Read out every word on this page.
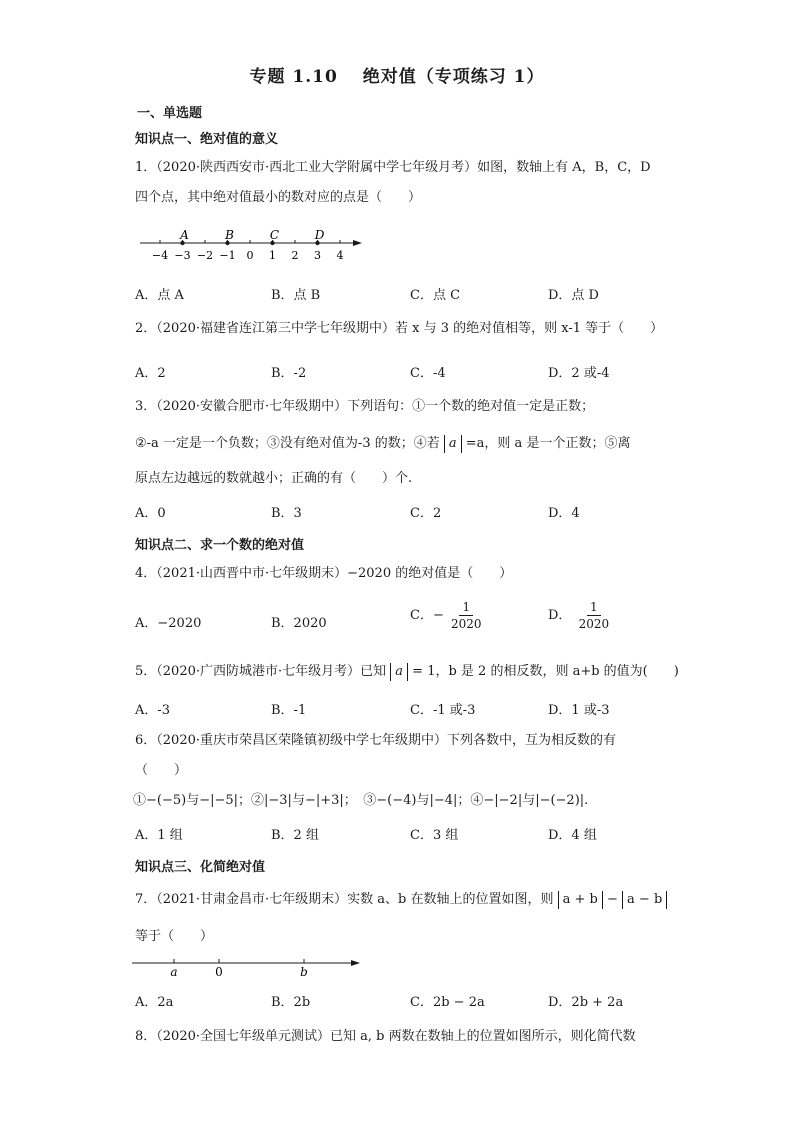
专题 1.10　 绝对值（专项练习 1）
一、单选题
知识点一、绝对值的意义
1．（2020·陕西西安市·西北工业大学附属中学七年级月考）如图，数轴上有 A，B，C，D
四个点，其中绝对值最小的数对应的点是（　　）
−4 −3 −2 −1 0 1 2 3 4
A	B	C	D
A．点 A	B．点 B	C．点 C	D．点 D
2．（2020·福建省连江第三中学七年级期中）若 x 与 3 的绝对值相等，则 x-1 等于（　　）
A．2	B．-2	C．-4	D．2 或-4
3．（2020·安徽合肥市·七年级期中）下列语句：①一个数的绝对值一定是正数；
②-a 一定是一个负数；③没有绝对值为-3 的数；④若 a =a，则 a 是一个正数；⑤离
原点左边越远的数就越小；正确的有（　　）个.
A．0	B．3	C．2	D．4
知识点二、求一个数的绝对值
4．（2021·山西晋中市·七年级期末）−2020 的绝对值是（　　）
A．−2020	B．2020
C．− $\frac{1}{2020}$	D． $\frac{1}{2020}$
5．（2020·广西防城港市·七年级月考）已知 a = 1，b 是 2 的相反数，则 a+b 的值为(　　)
A．-3	B．-1	C．-1 或-3	D．1 或-3
6．（2020·重庆市荣昌区荣隆镇初级中学七年级期中）下列各数中，互为相反数的有
（　　）
①−(−5)与−|−5|；②|−3|与−|+3|；　③−(−4)与|−4|；④−|−2|与|−(−2)|.
A．1 组	B．2 组	C．3 组	D．4 组
知识点三、化简绝对值
7．（2021·甘肃金昌市·七年级期末）实数 a、b 在数轴上的位置如图，则 a + b − a − b
等于（　　）
a	0	b
A．2a	B．2b	C．2b − 2a	D．2b + 2a
8．（2020·全国七年级单元测试）已知 a, b 两数在数轴上的位置如图所示，则化简代数
